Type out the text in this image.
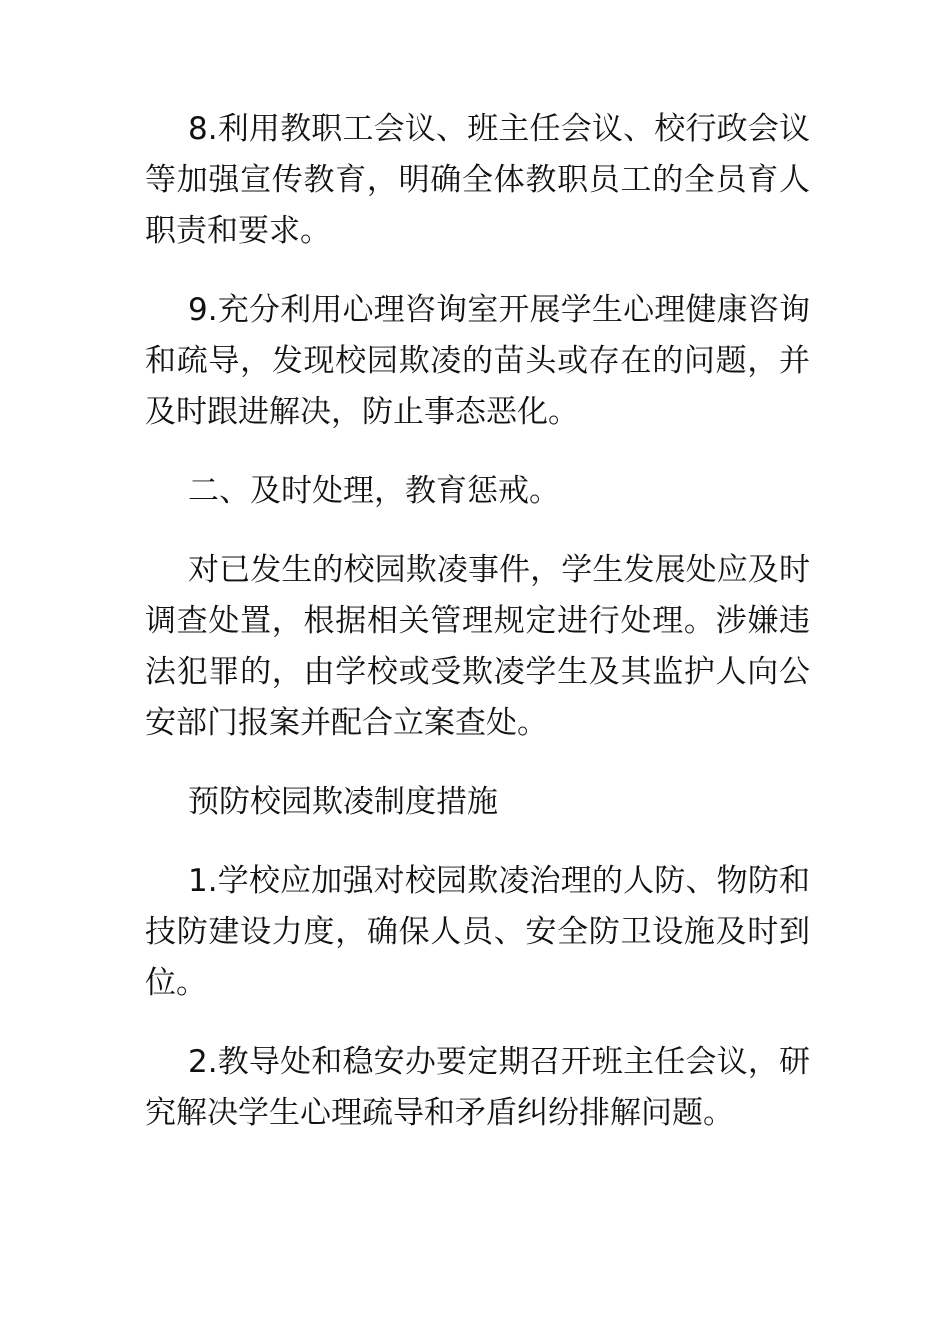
8.利用教职工会议、班主任会议、校行政会议等加强宣传教育，明确全体教职员工的全员育人职责和要求。

9.充分利用心理咨询室开展学生心理健康咨询和疏导，发现校园欺凌的苗头或存在的问题，并及时跟进解决，防止事态恶化。

二、及时处理，教育惩戒。

对已发生的校园欺凌事件，学生发展处应及时调查处置，根据相关管理规定进行处理。涉嫌违法犯罪的，由学校或受欺凌学生及其监护人向公安部门报案并配合立案查处。

预防校园欺凌制度措施

1.学校应加强对校园欺凌治理的人防、物防和技防建设力度，确保人员、安全防卫设施及时到位。

2.教导处和稳安办要定期召开班主任会议，研究解决学生心理疏导和矛盾纠纷排解问题。
